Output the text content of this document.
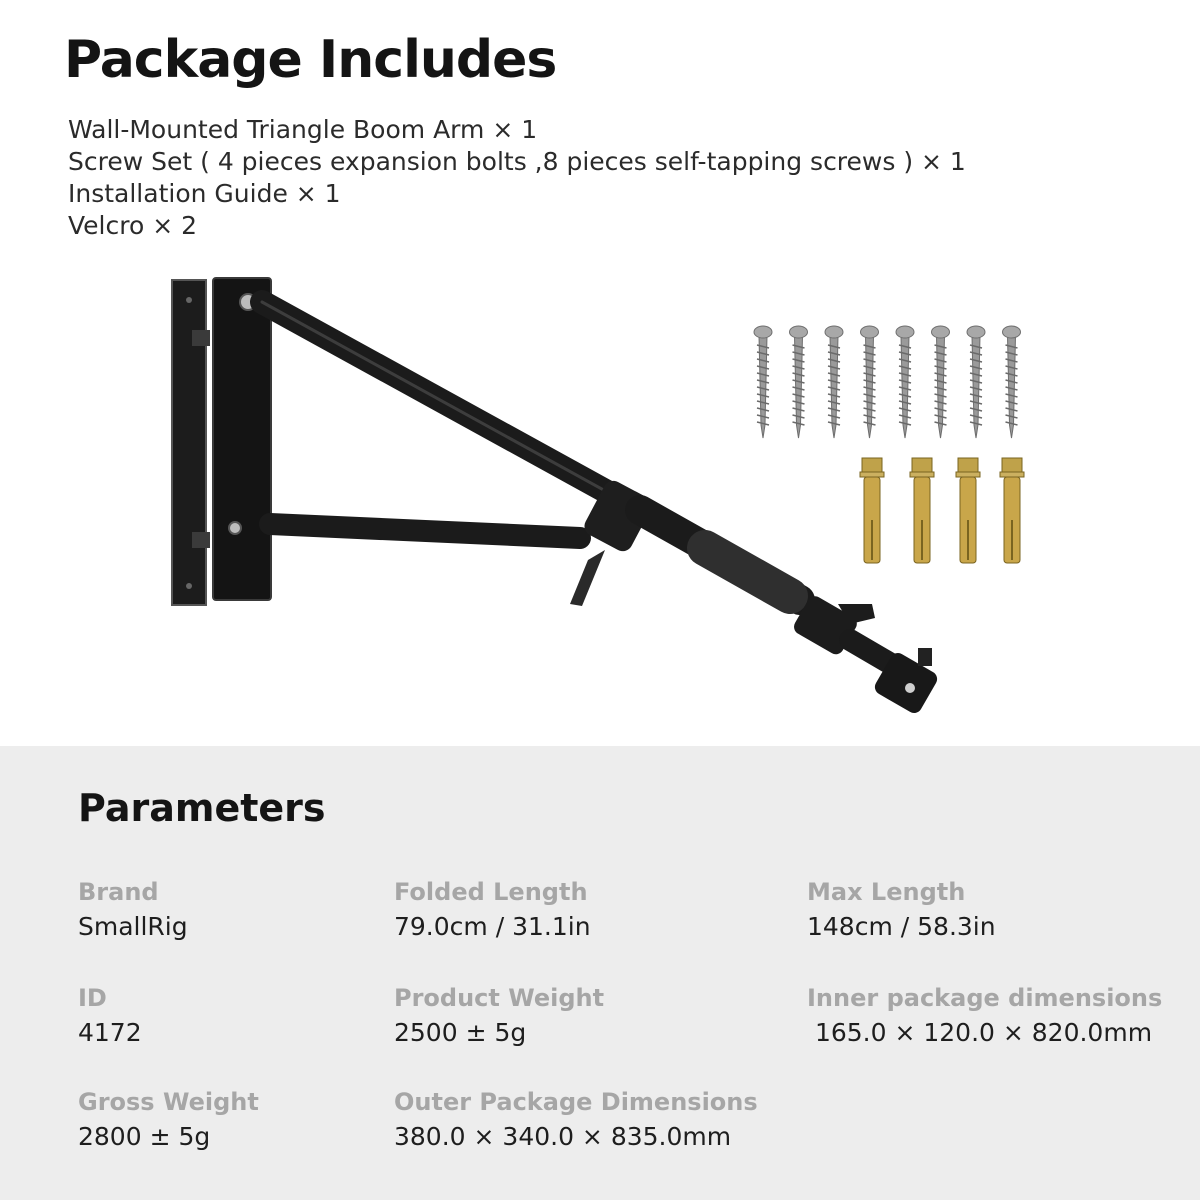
Package Includes
Wall-Mounted Triangle Boom Arm × 1
Screw Set ( 4 pieces expansion bolts ,8 pieces self-tapping screws ) × 1
Installation Guide × 1
Velcro × 2
Parameters
Brand
SmallRig
Folded Length
79.0cm / 31.1in
Max Length
148cm / 58.3in
ID
4172
Product Weight
2500 ± 5g
Inner package dimensions
165.0 × 120.0 × 820.0mm
Gross Weight
2800 ± 5g
Outer Package Dimensions
380.0 × 340.0 × 835.0mm
